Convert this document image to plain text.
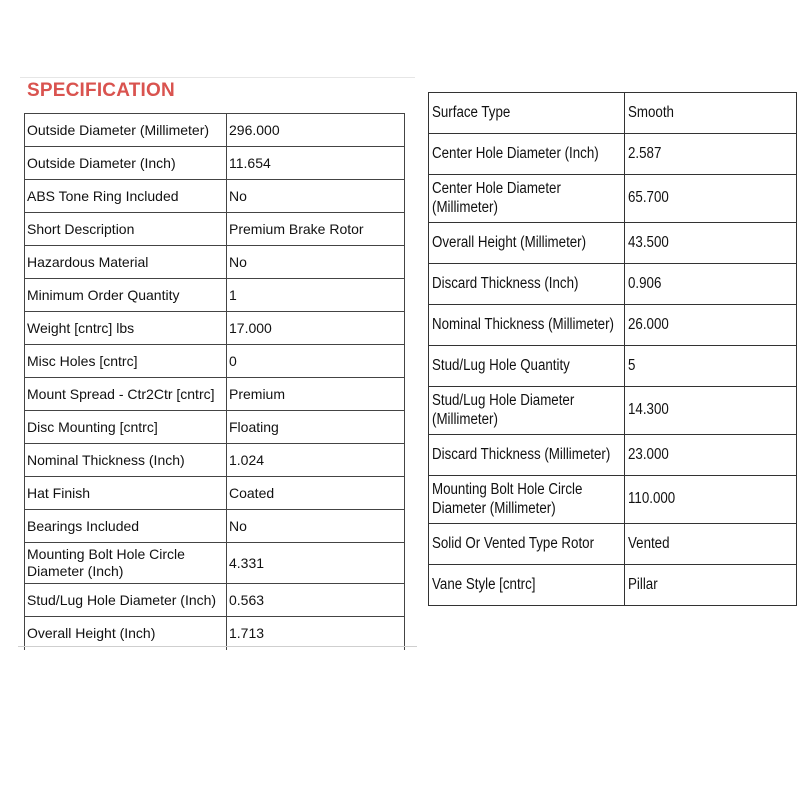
SPECIFICATION
Outside Diameter (Millimeter)	296.000
Outside Diameter (Inch)	11.654
ABS Tone Ring Included	No
Short Description	Premium Brake Rotor
Hazardous Material	No
Minimum Order Quantity	1
Weight [cntrc] lbs	17.000
Misc Holes [cntrc]	0
Mount Spread - Ctr2Ctr [cntrc]	Premium
Disc Mounting [cntrc]	Floating
Nominal Thickness (Inch)	1.024
Hat Finish	Coated
Bearings Included	No
Mounting Bolt Hole Circle Diameter (Inch)	4.331
Stud/Lug Hole Diameter (Inch)	0.563
Overall Height (Inch)	1.713
Surface Type	Smooth
Center Hole Diameter (Inch)	2.587

Center Hole Diameter (Millimeter)	65.700
Overall Height (Millimeter)	43.500
Discard Thickness (Inch)	0.906
Nominal Thickness (Millimeter)	26.000
Stud/Lug Hole Quantity	5

Stud/Lug Hole Diameter (Millimeter)	14.300
Discard Thickness (Millimeter)	23.000

Mounting Bolt Hole Circle Diameter (Millimeter)	110.000
Solid Or Vented Type Rotor	Vented
Vane Style [cntrc]	Pillar
